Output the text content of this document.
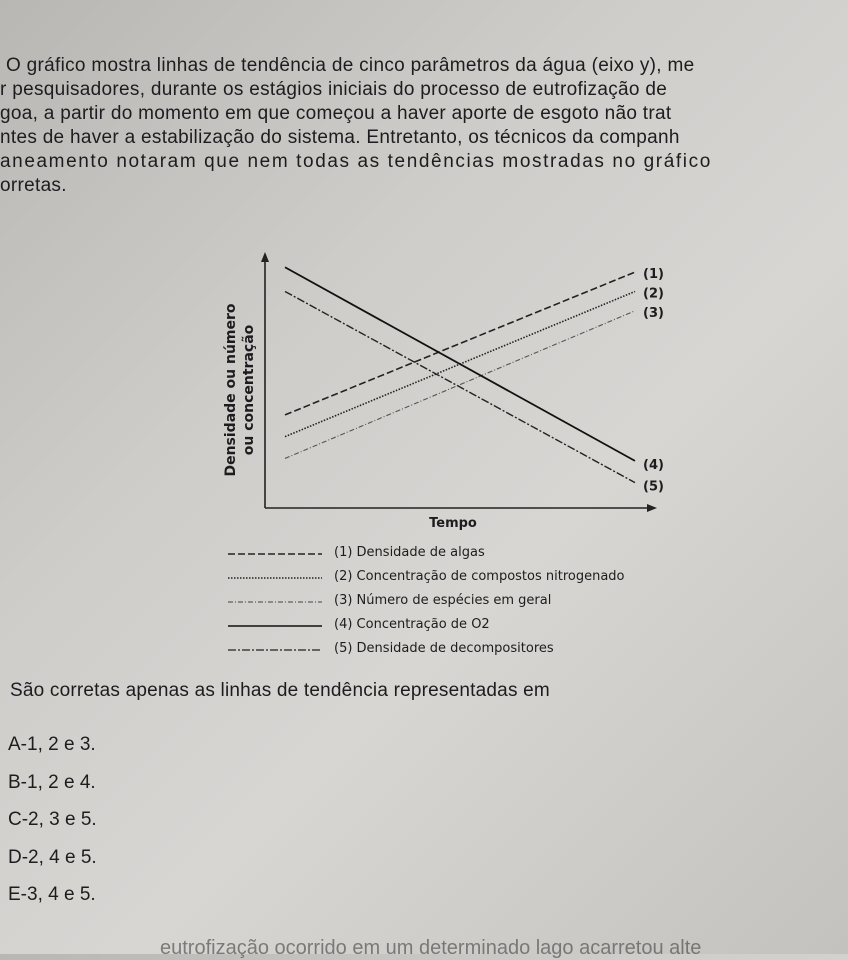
O gráfico mostra linhas de tendência de cinco parâmetros da água (eixo y), me
r pesquisadores, durante os estágios iniciais do processo de eutrofização de
goa, a partir do momento em que começou a haver aporte de esgoto não trat
ntes de haver a estabilização do sistema. Entretanto, os técnicos da companh
aneamento notaram que nem todas as tendências mostradas no gráfico
orretas.
Densidade ou número ou concentração
Tempo
(1)
(2)
(3)
(4)
(5)
(1) Densidade de algas
(2) Concentração de compostos nitrogenado
(3) Número de espécies em geral
(4) Concentração de O2
(5) Densidade de decompositores
São corretas apenas as linhas de tendência representadas em
A-1, 2 e 3.
B-1, 2 e 4.
C-2, 3 e 5.
D-2, 4 e 5.
E-3, 4 e 5.
eutrofização ocorrido em um determinado lago acarretou alte
